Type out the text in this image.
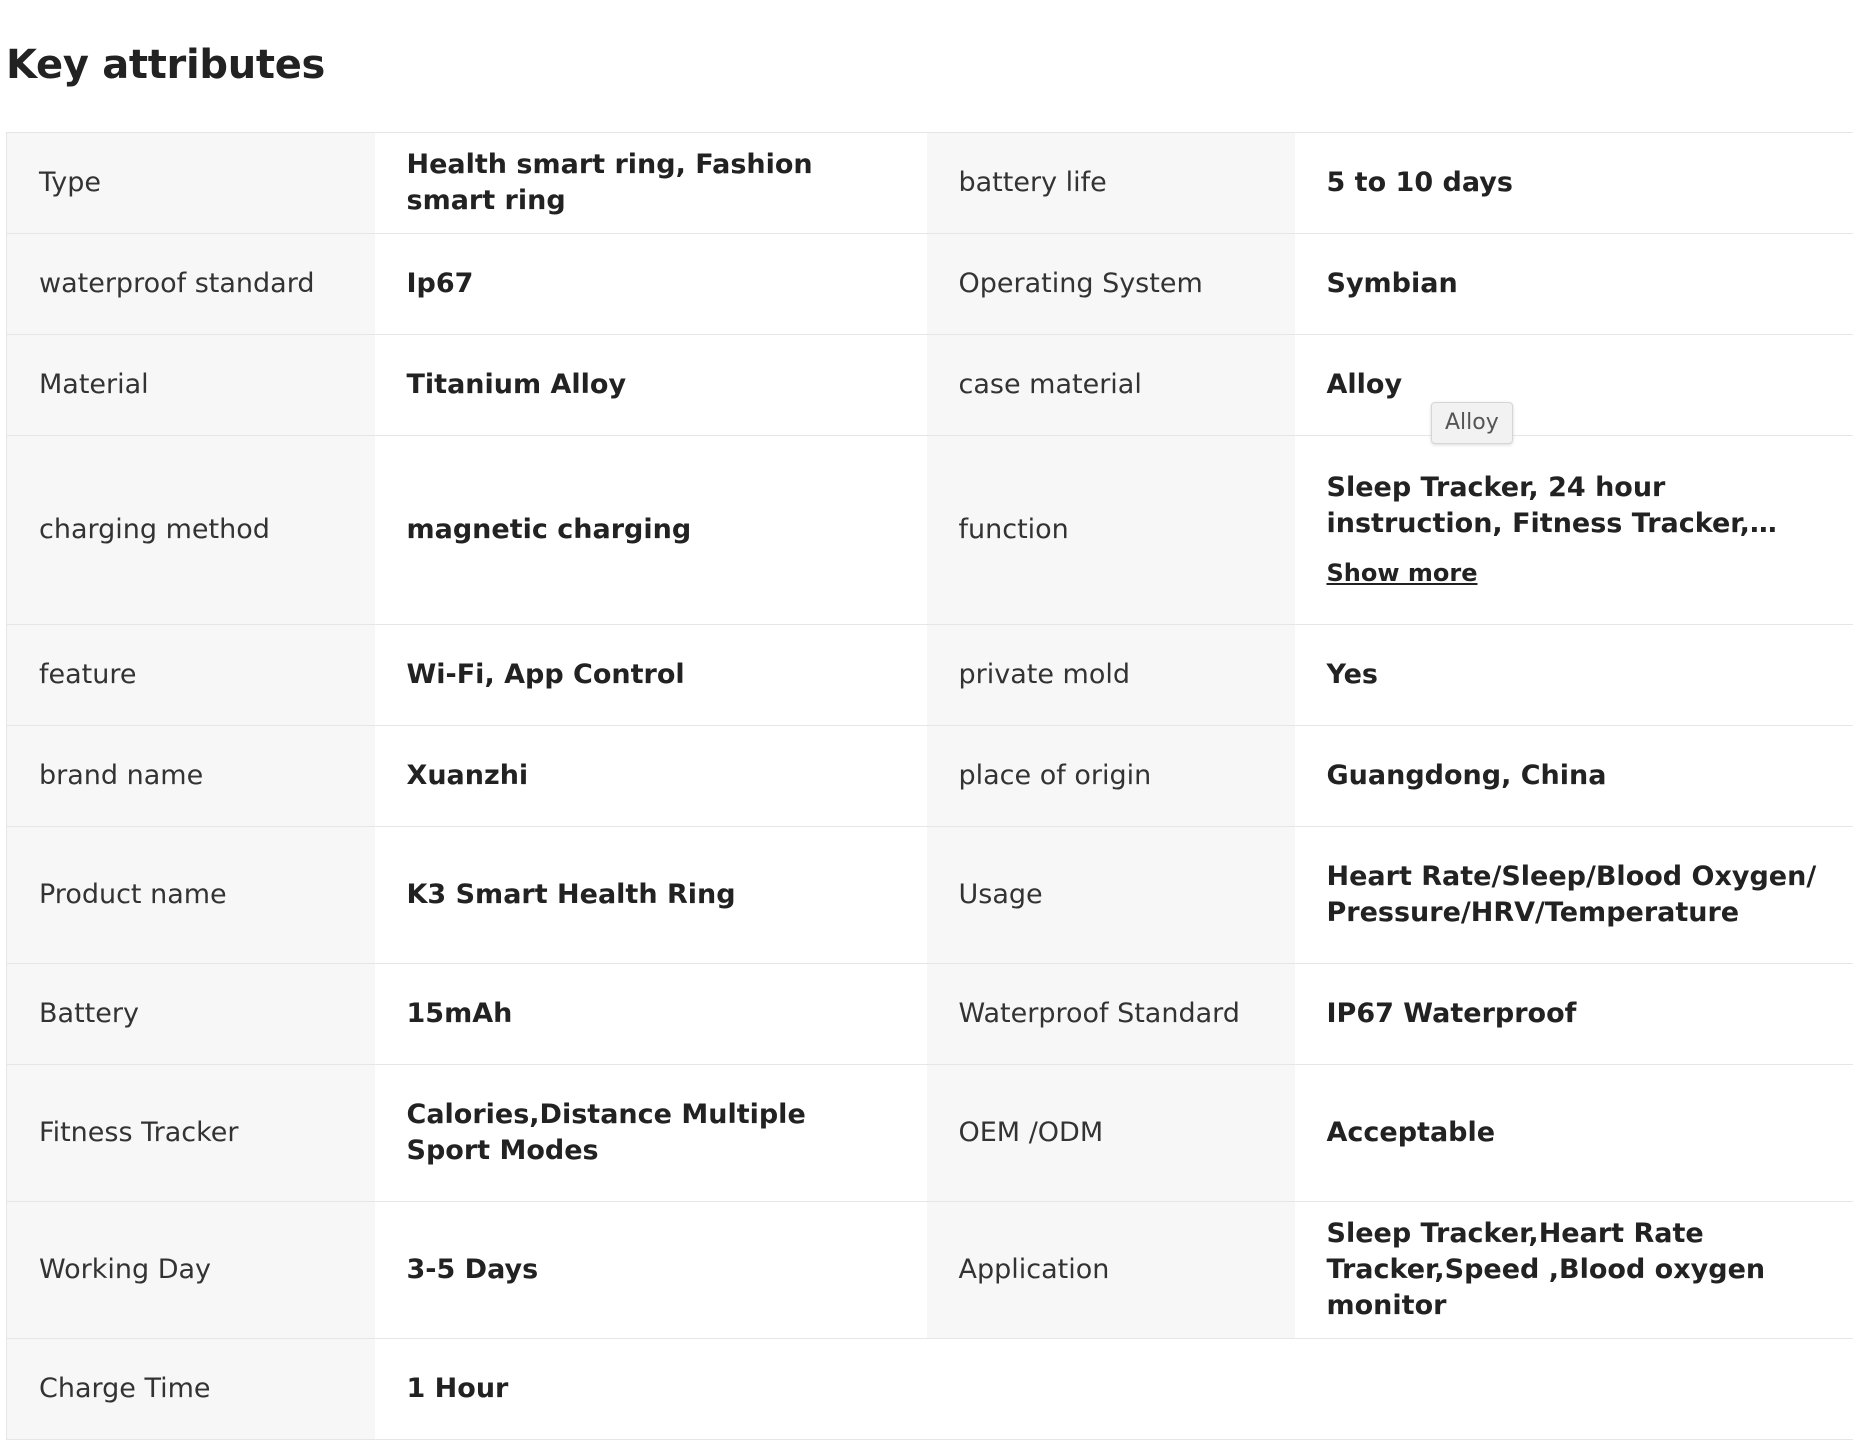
Key attributes
Type	Health smart ring, Fashion smart ring	battery life	5 to 10 days
waterproof standard	Ip67	Operating System	Symbian
Material	Titanium Alloy	case material	Alloy
charging method	magnetic charging	function	Sleep Tracker, 24 hour instruction, Fitness Tracker,
Show more

feature	Wi-Fi, App Control	private mold	Yes
brand name	Xuanzhi	place of origin	Guangdong, China
Product name	K3 Smart Health Ring	Usage	Heart Rate/Sleep/Blood Oxygen/ Pressure/HRV/Temperature
Battery	15mAh	Waterproof Standard	IP67 Waterproof
Fitness Tracker	Calories,Distance Multiple Sport Modes	OEM /ODM	Acceptable
Working Day	3-5 Days	Application	Sleep Tracker,Heart Rate Tracker,Speed ,Blood oxygen monitor
Charge Time	1 Hour		
Alloy
